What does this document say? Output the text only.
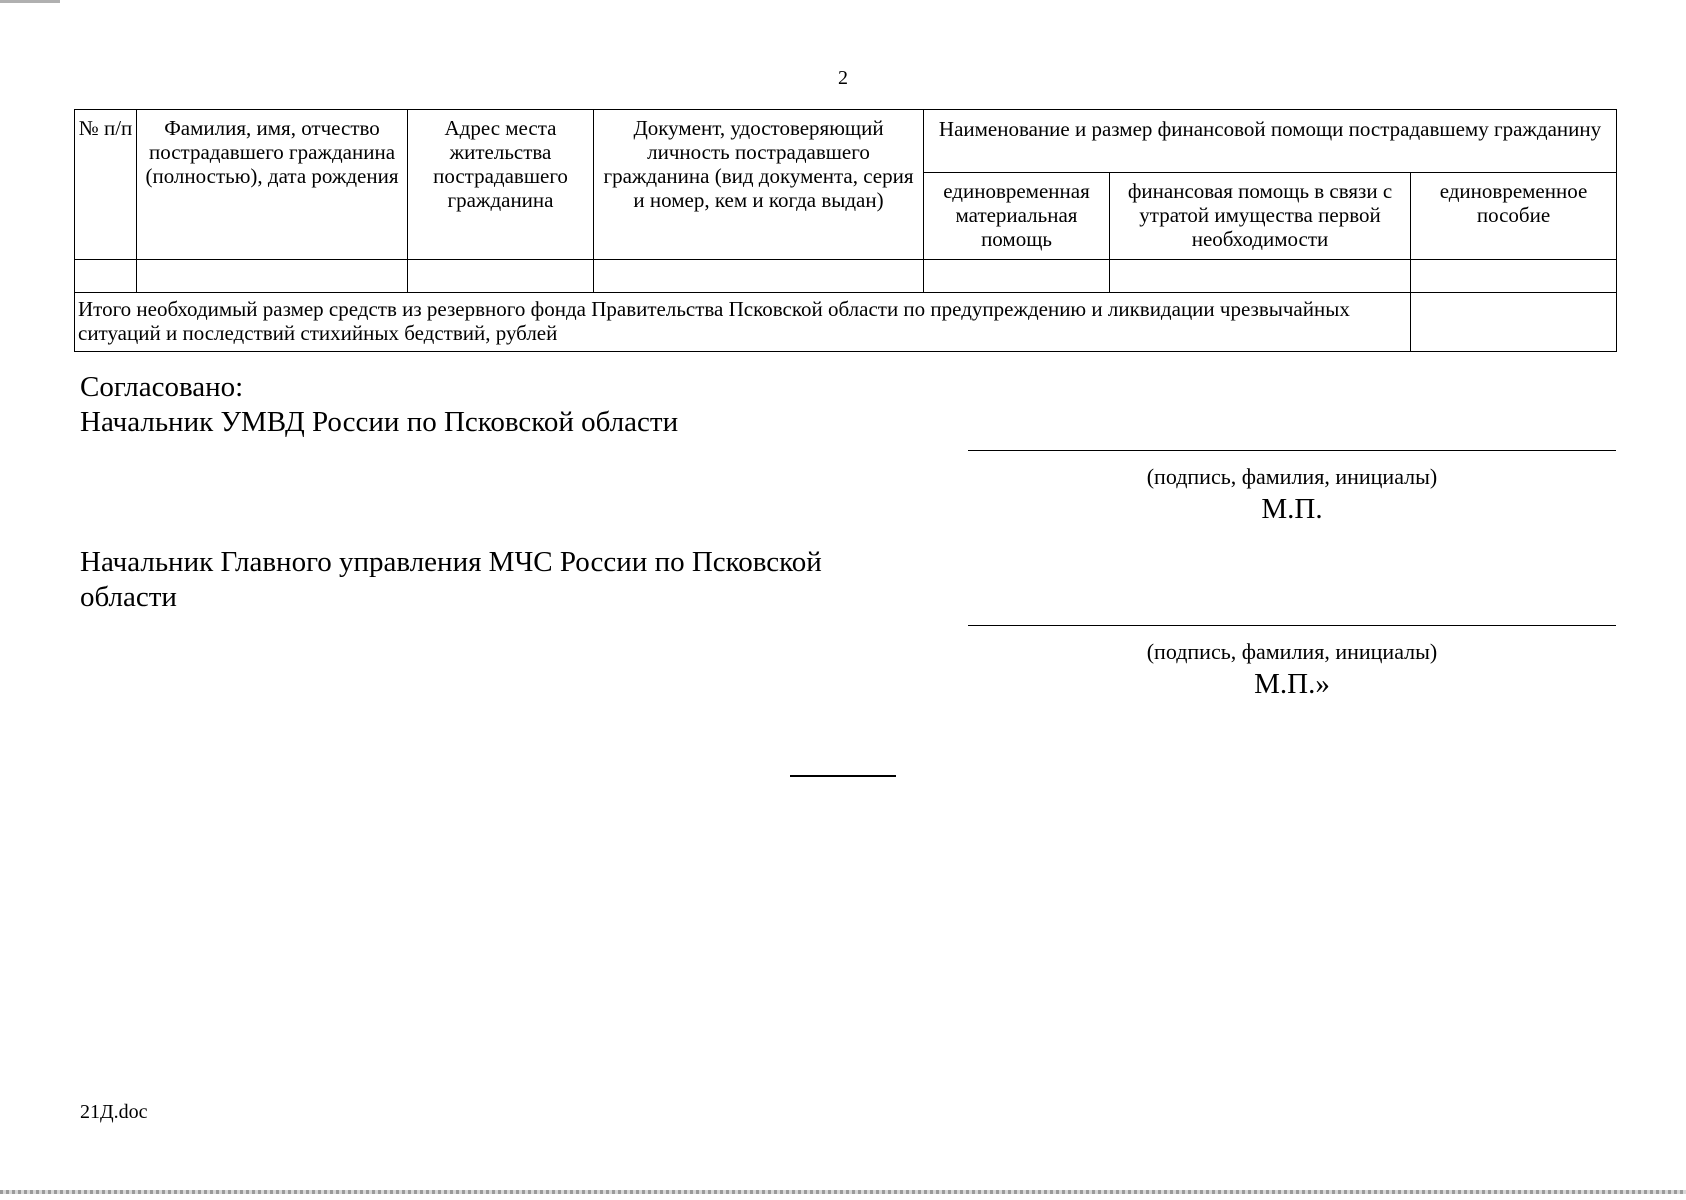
2
№ п/п	Фамилия, имя, отчество пострадавшего гражданина (полностью), дата рождения	Адрес места жительства пострадавшего гражданина	Документ, удостоверяющий личность пострадавшего гражданина (вид документа, серия и номер, кем и когда выдан)	Наименование и размер финансовой помощи пострадавшему гражданину		
				единовременная материальная помощь	финансовая помощь в связи с утратой имущества первой необходимости	единовременное пособие

Итого необходимый размер средств из резервного фонда Правительства Псковской области по предупреждению и ликвидации чрезвычайных ситуаций и последствий стихийных бедствий, рублей						
Согласовано:
Начальник УМВД России по Псковской области
(подпись, фамилия, инициалы)
М.П.
Начальник Главного управления МЧС России по Псковской области
(подпись, фамилия, инициалы)
М.П.»
21Д.doc
